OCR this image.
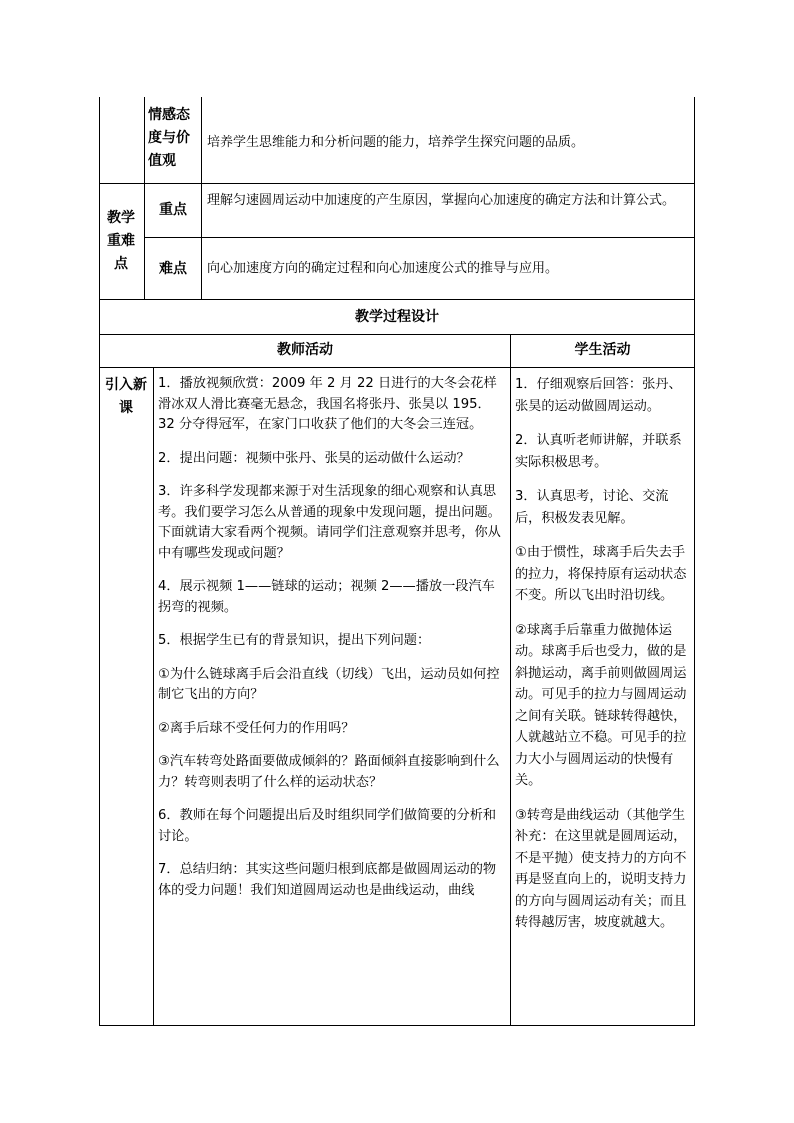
情感态度与价值观
培养学生思维能力和分析问题的能力，培养学生探究问题的品质。
教学重难点
重点
理解匀速圆周运动中加速度的产生原因，掌握向心加速度的确定方法和计算公式。
难点	向心加速度方向的确定过程和向心加速度公式的推导与应用。
教学过程设计
教师活动	学生活动
引入新课

1．播放视频欣赏：2009 年 2 月 22 日进行的大冬会花样滑冰双人滑比赛毫无悬念，我国名将张丹、张昊以 195．32 分夺得冠军，在家门口收获了他们的大冬会三连冠。

2．提出问题：视频中张丹、张昊的运动做什么运动？

3．许多科学发现都来源于对生活现象的细心观察和认真思考。我们要学习怎么从普通的现象中发现问题，提出问题。下面就请大家看两个视频。请同学们注意观察并思考，你从中有哪些发现或问题？

4．展示视频 1——链球的运动；视频 2——播放一段汽车拐弯的视频。

5．根据学生已有的背景知识，提出下列问题：

①为什么链球离手后会沿直线（切线）飞出，运动员如何控制它飞出的方向？

②离手后球不受任何力的作用吗？

③汽车转弯处路面要做成倾斜的？路面倾斜直接影响到什么力？转弯则表明了什么样的运动状态？

6．教师在每个问题提出后及时组织同学们做简要的分析和讨论。

7．总结归纳：其实这些问题归根到底都是做圆周运动的物体的受力问题！我们知道圆周运动也是曲线运动，曲线

1．仔细观察后回答：张丹、张昊的运动做圆周运动。

2．认真听老师讲解，并联系实际积极思考。

3．认真思考，讨论、交流后，积极发表见解。

①由于惯性，球离手后失去手的拉力，将保持原有运动状态不变。所以飞出时沿切线。

②球离手后靠重力做抛体运动。球离手后也受力，做的是斜抛运动，离手前则做圆周运动。可见手的拉力与圆周运动之间有关联。链球转得越快，人就越站立不稳。可见手的拉力大小与圆周运动的快慢有关。

③转弯是曲线运动（其他学生补充：在这里就是圆周运动，不是平抛）使支持力的方向不再是竖直向上的，说明支持力的方向与圆周运动有关；而且转得越厉害，坡度就越大。
